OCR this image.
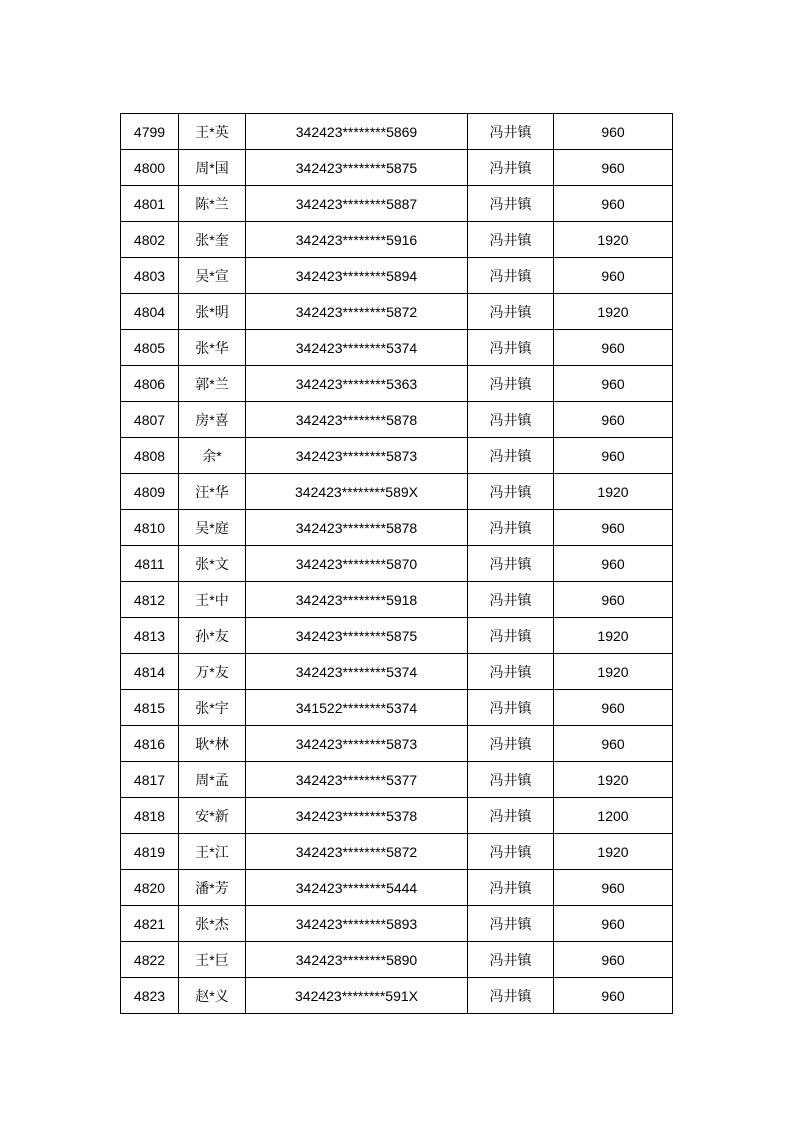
4799	王*英	342423********5869	冯井镇	960
4800	周*国	342423********5875	冯井镇	960
4801	陈*兰	342423********5887	冯井镇	960
4802	张*奎	342423********5916	冯井镇	1920
4803	吴*宣	342423********5894	冯井镇	960
4804	张*明	342423********5872	冯井镇	1920
4805	张*华	342423********5374	冯井镇	960
4806	郭*兰	342423********5363	冯井镇	960
4807	房*喜	342423********5878	冯井镇	960
4808	余*	342423********5873	冯井镇	960
4809	汪*华	342423********589X	冯井镇	1920
4810	吴*庭	342423********5878	冯井镇	960
4811	张*文	342423********5870	冯井镇	960
4812	王*中	342423********5918	冯井镇	960
4813	孙*友	342423********5875	冯井镇	1920
4814	万*友	342423********5374	冯井镇	1920
4815	张*宇	341522********5374	冯井镇	960
4816	耿*林	342423********5873	冯井镇	960
4817	周*孟	342423********5377	冯井镇	1920
4818	安*新	342423********5378	冯井镇	1200
4819	王*江	342423********5872	冯井镇	1920
4820	潘*芳	342423********5444	冯井镇	960
4821	张*杰	342423********5893	冯井镇	960
4822	王*巨	342423********5890	冯井镇	960
4823	赵*义	342423********591X	冯井镇	960
